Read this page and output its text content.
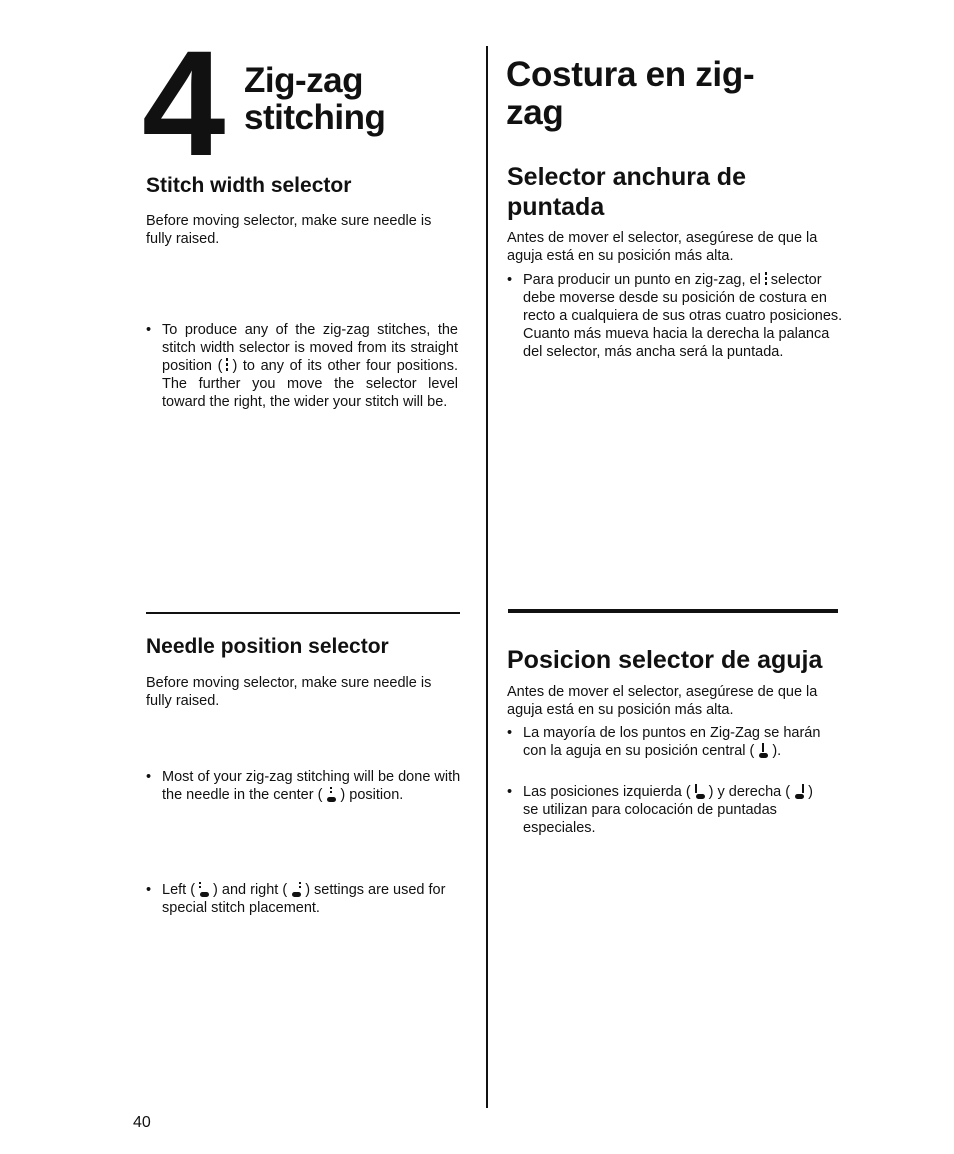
4 Zig-zag stitching
Stitch width selector
Before moving selector, make sure needle is fully raised.
• To produce any of the zig-zag stitches, the stitch width selector is moved from its straight position ( ) to any of its other four positions. The further you move the selector level toward the right, the wider your stitch will be.
Needle position selector
Before moving selector, make sure needle is fully raised.
• Most of your zig-zag stitching will be done with the needle in the center ( ) position.
• Left ( ) and right ( ) settings are used for special stitch placement.
40
Costura en zig-zag
Selector anchura de puntada
Antes de mover el selector, asegúrese de que la aguja está en su posición más alta.
• Para producir un punto en zig-zag, el selector debe moverse desde su posición de costura en recto a cualquiera de sus otras cuatro posiciones. Cuanto más mueva hacia la derecha la palanca del selector, más ancha será la puntada.
Posicion selector de aguja
Antes de mover el selector, asegúrese de que la aguja está en su posición más alta.
• La mayoría de los puntos en Zig-Zag se harán con la aguja en su posición central ( ).
• Las posiciones izquierda ( ) y derecha ( ) se utilizan para colocación de puntadas especiales.
